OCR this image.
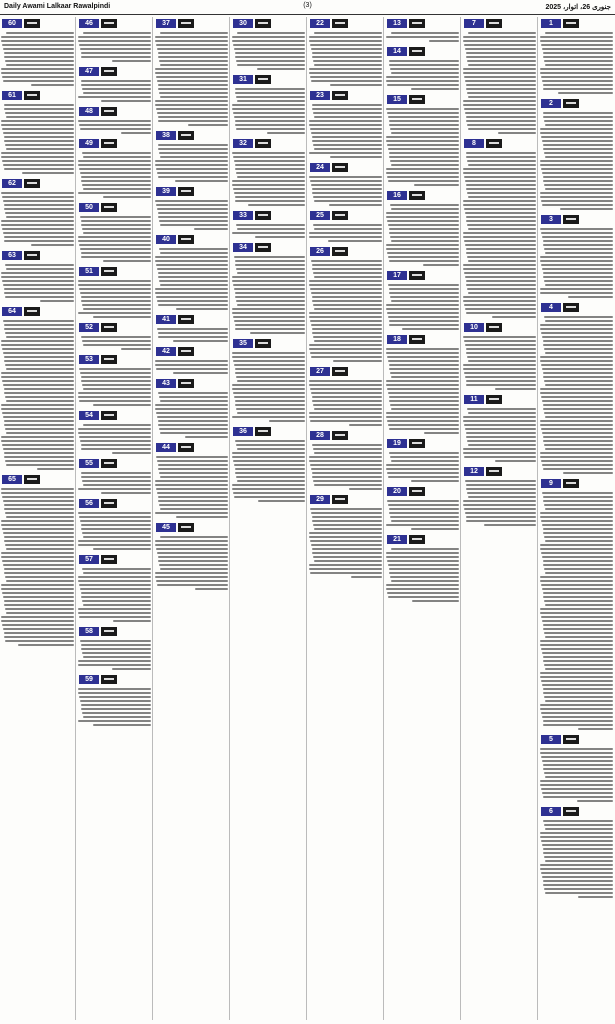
Daily Awami Lalkaar Rawalpindi	(3)	2025 ،جنوری 26، اتوار
1
2
3
4
9
5
6
7
8
10
11
12
13
14
15
16
17
18
19
20
21
22
23
24
25
26
27
28
29
30
31
32
33
34
35
36
37
38
39
40
41
42
43
44
45
46
47
48
49
50
51
52
53
54
55
56
57
58
59
60
61
62
63
64
65
